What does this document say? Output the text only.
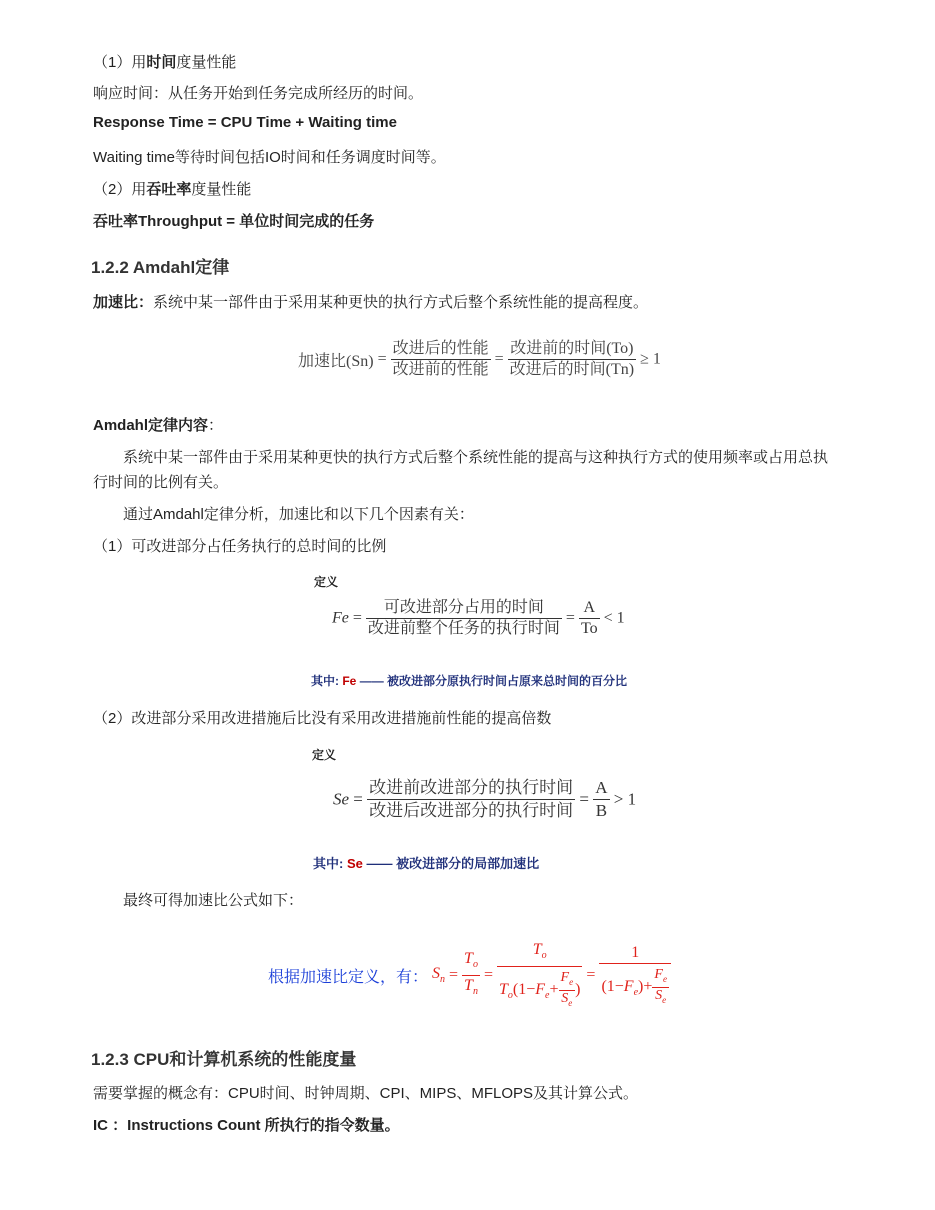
（1）用时间度量性能
响应时间：从任务开始到任务完成所经历的时间。
Response Time = CPU Time + Waiting time
Waiting time等待时间包括IO时间和任务调度时间等。
（2）用吞吐率度量性能
吞吐率Throughput = 单位时间完成的任务
1.2.2 Amdahl定律
加速比：系统中某一部件由于采用某种更快的执行方式后整个系统性能的提高程度。
加速比$(Sn) = \frac{\text{改进后的性能}}{\text{改进前的性能}} = \frac{\text{改进前的时间(To)}}{\text{改进后的时间(Tn)}} \ge 1$
Amdahl定律内容：
系统中某一部件由于采用某种更快的执行方式后整个系统性能的提高与这种执行方式的使用频率或占用总执
行时间的比例有关。
通过Amdahl定律分析，加速比和以下几个因素有关：
（1）可改进部分占任务执行的总时间的比例
定义
$Fe = \frac{\text{可改进部分占用的时间}}{\text{改进前整个任务的执行时间}} = \frac{A}{To} < 1$
其中: Fe —— 被改进部分原执行时间占原来总时间的百分比
（2）改进部分采用改进措施后比没有采用改进措施前性能的提高倍数
定义
$Se = \frac{\text{改进前改进部分的执行时间}}{\text{改进后改进部分的执行时间}} = \frac{A}{B} > 1$
其中: Se —— 被改进部分的局部加速比
最终可得加速比公式如下：
根据加速比定义，有： $S_n = \frac{T_o}{T_n} = \frac{T_o}{T_o(1-F_e+ \frac{F_e}{S_e} )} = \frac{1}{(1-F_e)+ \frac{F_e}{S_e}}$
1.2.3 CPU和计算机系统的性能度量
需要掌握的概念有：CPU时间、时钟周期、CPI、MIPS、MFLOPS及其计算公式。
IC ：Instructions Count 所执行的指令数量。
